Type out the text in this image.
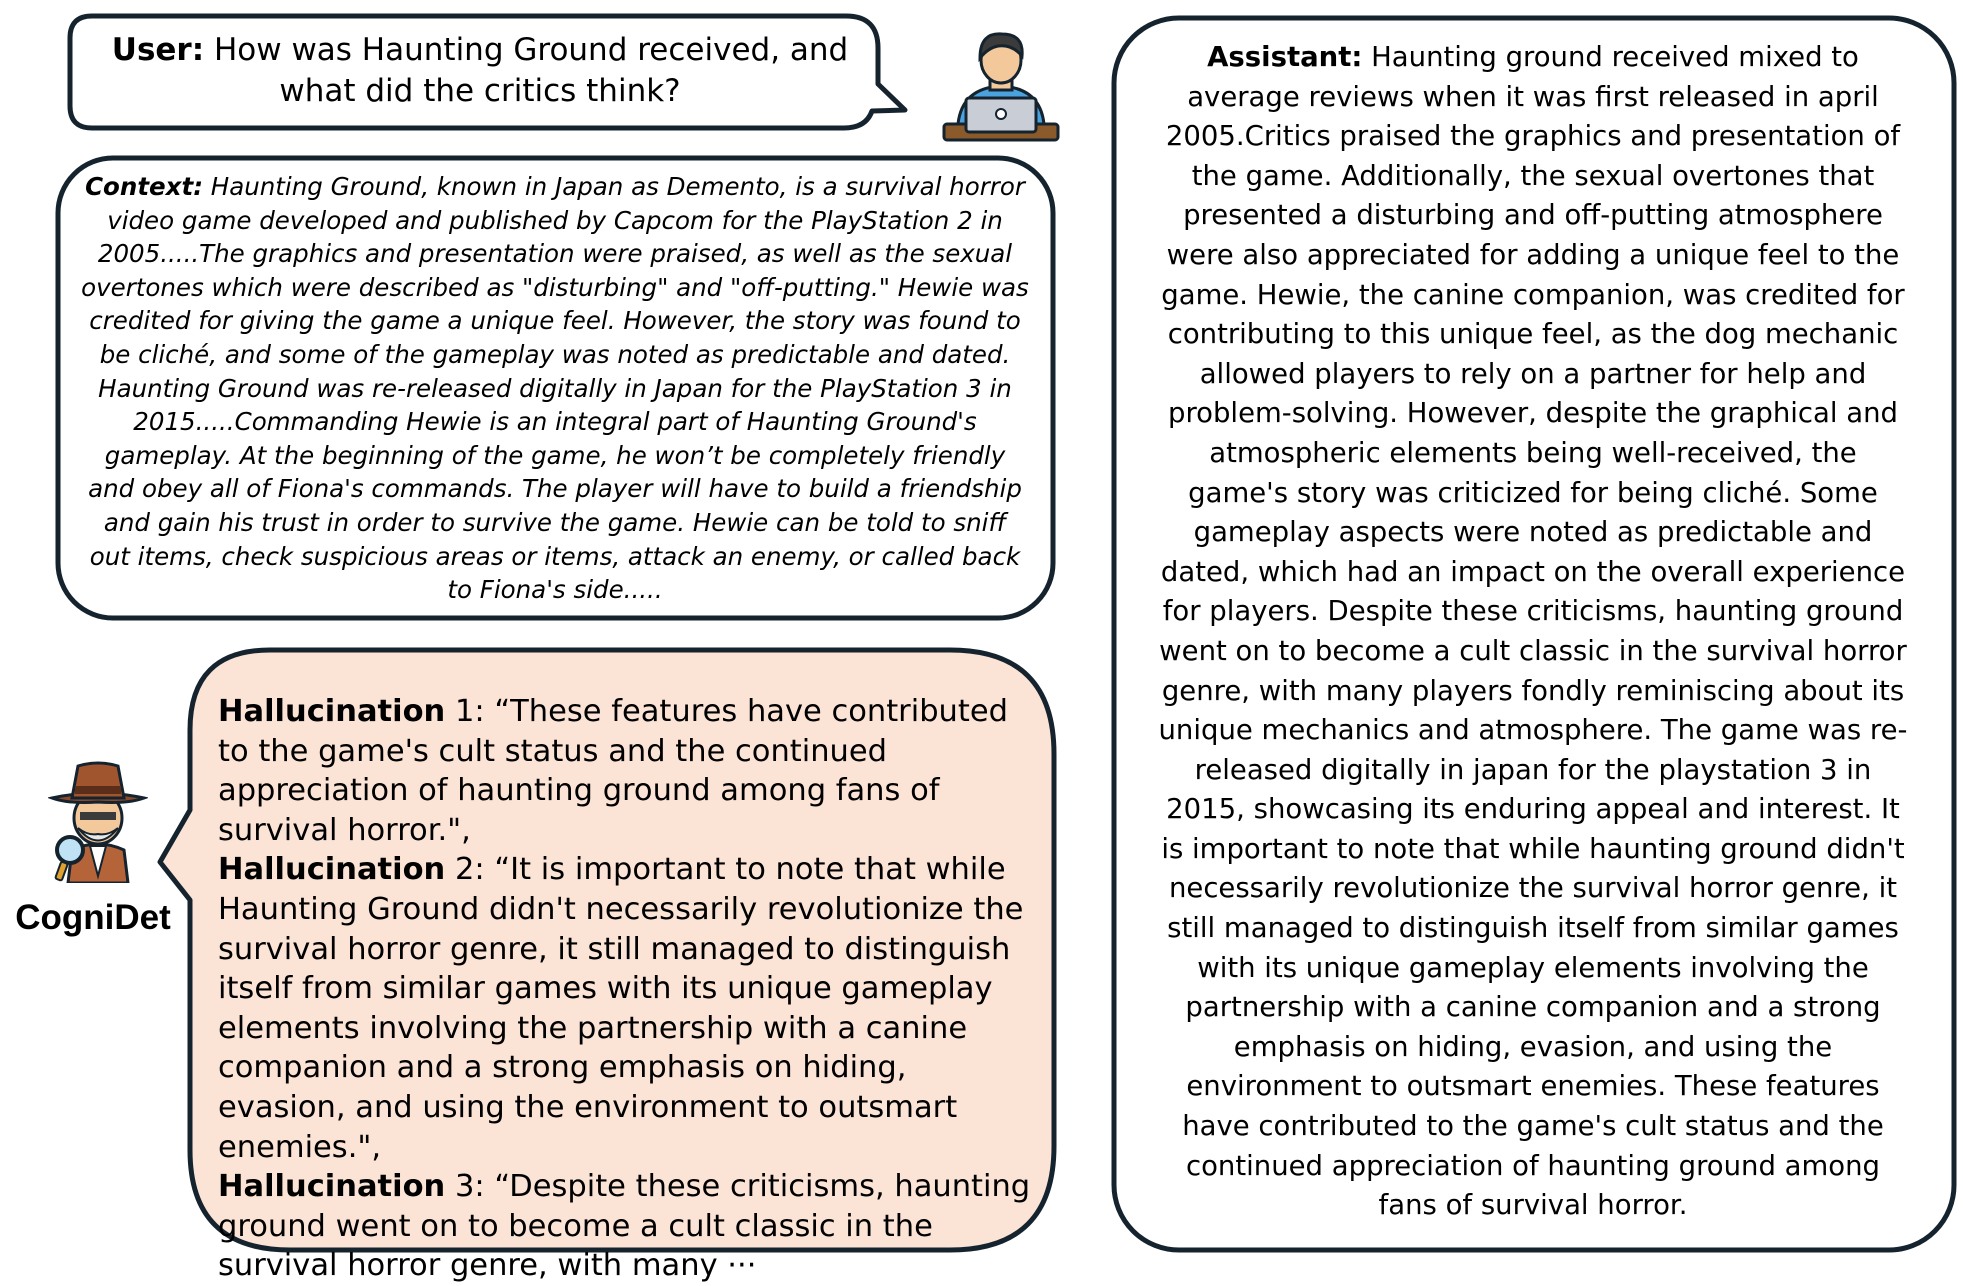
CogniDet
User: How was Haunting Ground received, and what did the critics think?
Context: Haunting Ground, known in Japan as Demento, is a survival horror video game developed and published by Capcom for the PlayStation 2 in 2005.....The graphics and presentation were praised, as well as the sexual overtones which were described as "disturbing" and "off-putting." Hewie was credited for giving the game a unique feel. However, the story was found to be cliché, and some of the gameplay was noted as predictable and dated. Haunting Ground was re-released digitally in Japan for the PlayStation 3 in 2015.....Commanding Hewie is an integral part of Haunting Ground's gameplay. At the beginning of the game, he won’t be completely friendly and obey all of Fiona's commands. The player will have to build a friendship and gain his trust in order to survive the game. Hewie can be told to sniff out items, check suspicious areas or items, attack an enemy, or called back to Fiona's side.....
Hallucination 1: “These features have contributed to the game's cult status and the continued appreciation of haunting ground among fans of survival horror.",
Hallucination 2: “It is important to note that while Haunting Ground didn't necessarily revolutionize the survival horror genre, it still managed to distinguish itself from similar games with its unique gameplay elements involving the partnership with a canine companion and a strong emphasis on hiding, evasion, and using the environment to outsmart enemies.",
Hallucination 3: “Despite these criticisms, haunting ground went on to become a cult classic in the survival horror genre, with many ···
Assistant: Haunting ground received mixed to average reviews when it was first released in april 2005.Critics praised the graphics and presentation of the game. Additionally, the sexual overtones that presented a disturbing and off-putting atmosphere were also appreciated for adding a unique feel to the game. Hewie, the canine companion, was credited for contributing to this unique feel, as the dog mechanic allowed players to rely on a partner for help and problem-solving. However, despite the graphical and atmospheric elements being well-received, the game's story was criticized for being cliché. Some gameplay aspects were noted as predictable and dated, which had an impact on the overall experience for players. Despite these criticisms, haunting ground went on to become a cult classic in the survival horror genre, with many players fondly reminiscing about its unique mechanics and atmosphere. The game was re-released digitally in japan for the playstation 3 in 2015, showcasing its enduring appeal and interest. It is important to note that while haunting ground didn't necessarily revolutionize the survival horror genre, it still managed to distinguish itself from similar games with its unique gameplay elements involving the partnership with a canine companion and a strong emphasis on hiding, evasion, and using the environment to outsmart enemies. These features have contributed to the game's cult status and the continued appreciation of haunting ground among fans of survival horror.
